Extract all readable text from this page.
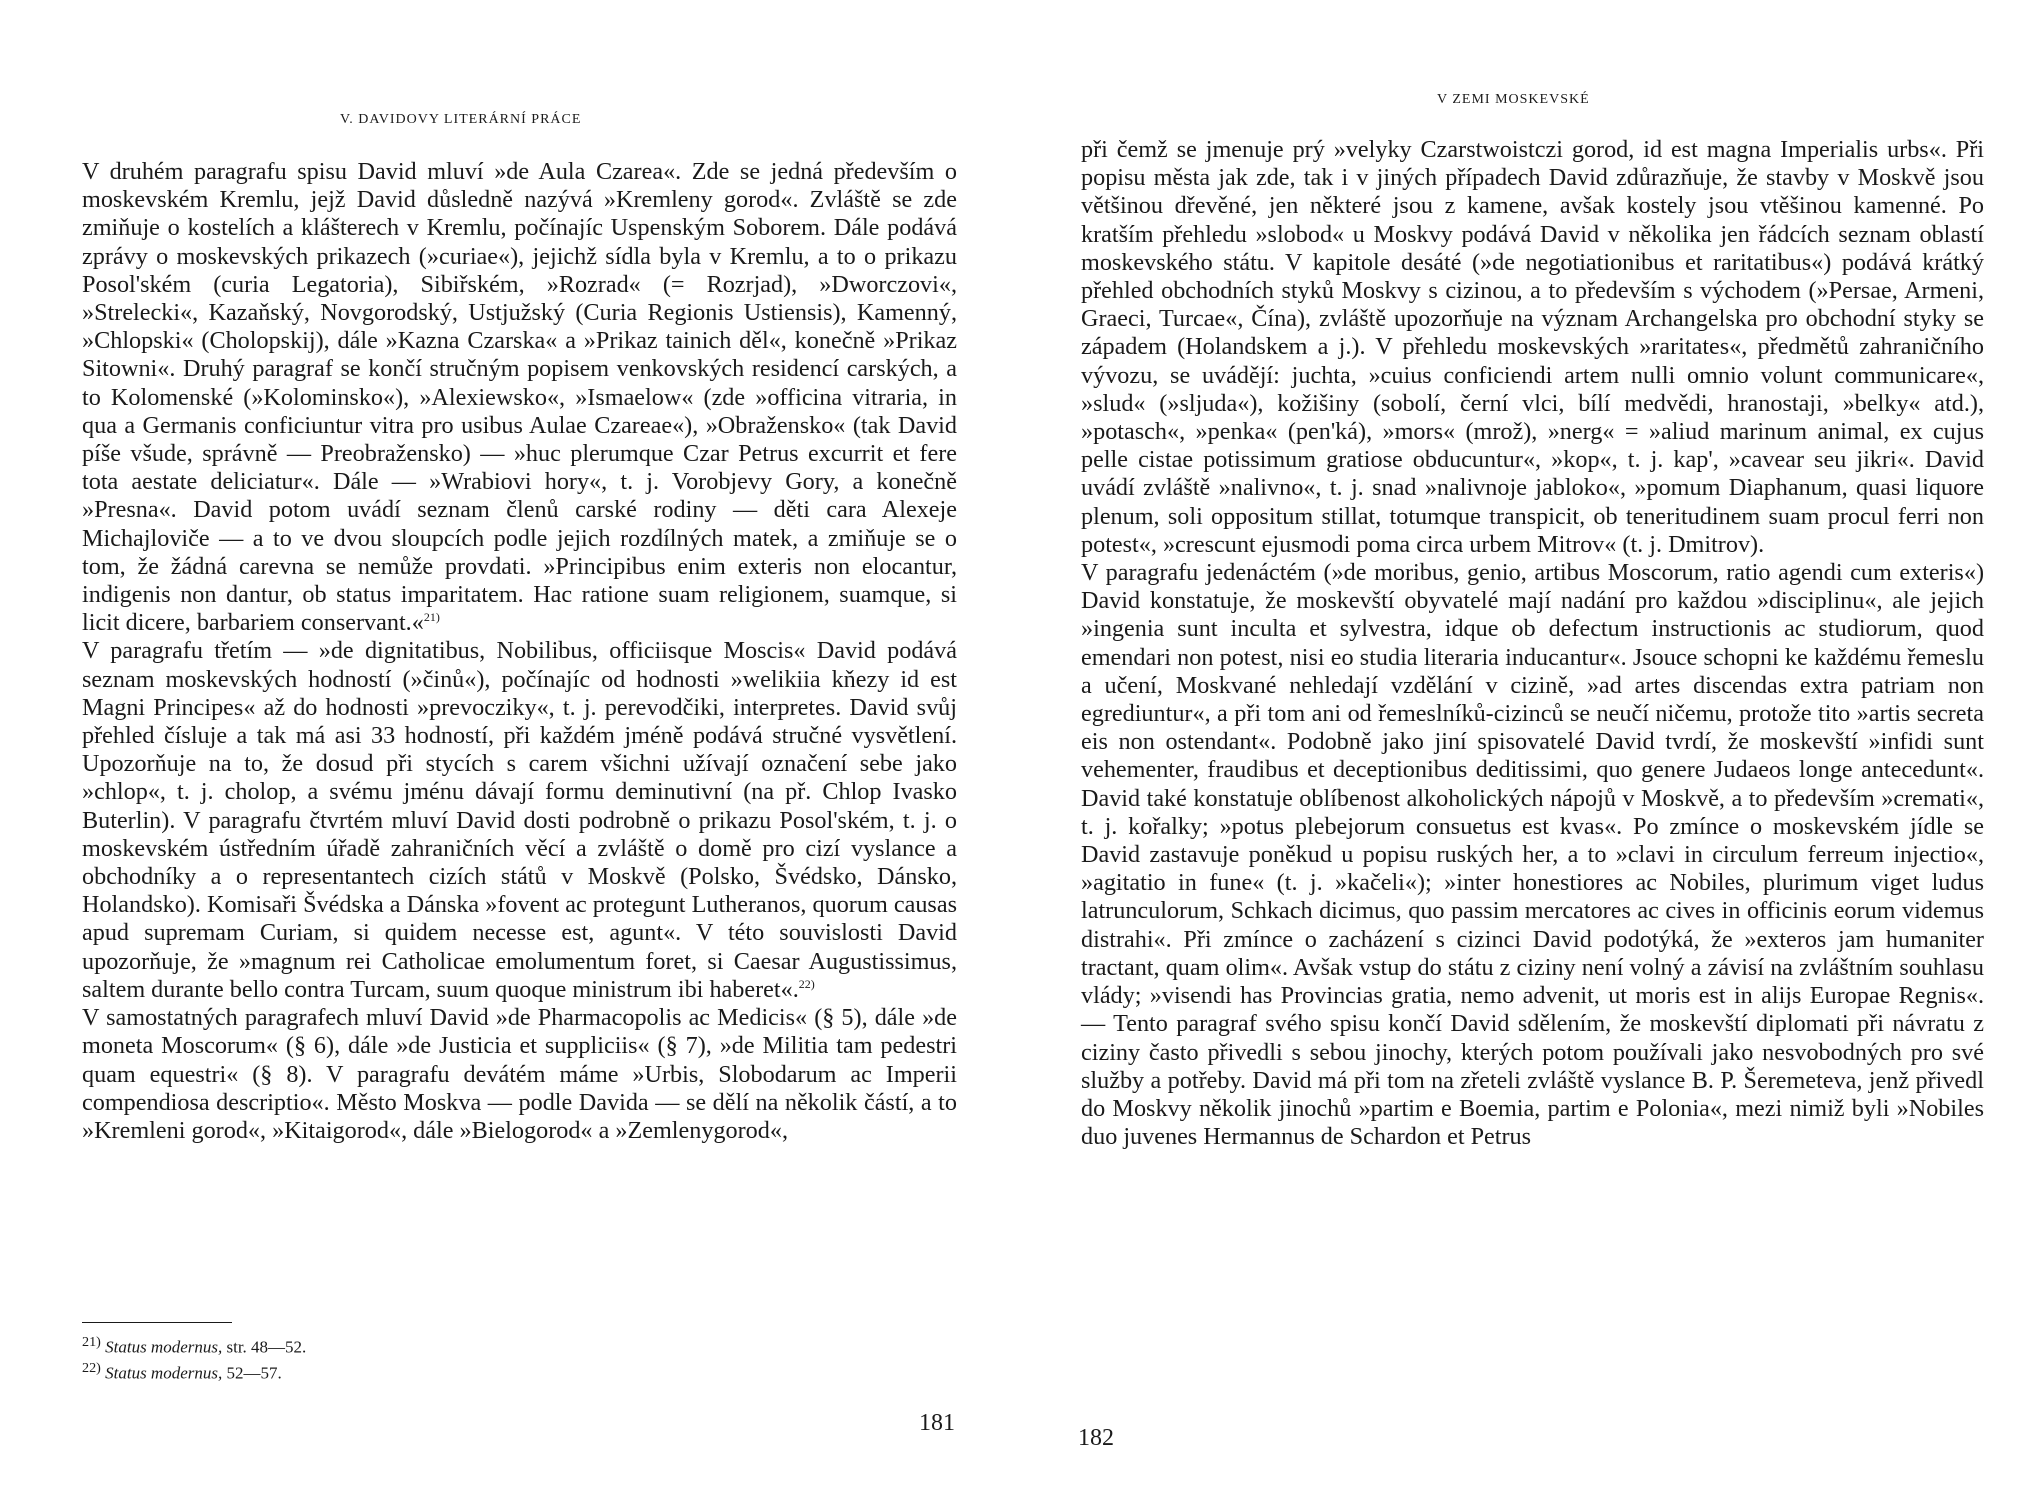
V. DAVIDOVY LITERÁRNÍ PRÁCE

V druhém paragrafu spisu David mluví »de Aula Czarea«. Zde se jedná především o moskevském Kremlu, jejž David důsledně nazývá »Kremleny gorod«. Zvláště se zde zmiňuje o kostelích a klášterech v Kremlu, počínajíc Uspenským Soborem. Dále podává zprávy o moskevských prikazech (»curiae«), jejichž sídla byla v Kremlu, a to o prikazu Posol'ském (curia Legatoria), Sibiřském, »Rozrad« (= Rozrjad), »Dworczovi«, »Strelecki«, Kazaňský, Novgorodský, Ustjužský (Curia Regionis Ustiensis), Kamenný, »Chlopski« (Cholopskij), dále »Kazna Czarska« a »Prikaz tainich děl«, konečně »Prikaz Sitowni«. Druhý paragraf se končí stručným popisem venkovských residencí carských, a to Kolomenské (»Kolominsko«), »Alexiewsko«, »Ismaelow« (zde »officina vitraria, in qua a Germanis conficiuntur vitra pro usibus Aulae Czareae«), »Obraženskо« (tak David píše všude, správně — Preobraženskо) — »huc plerumque Czar Petrus excurrit et fere tota aestate deliciatur«. Dále — »Wrabiovi hory«, t. j. Vorobjevy Gory, a konečně »Presna«. David potom uvádí seznam členů carské rodiny — děti cara Alexeje Michajloviče — a to ve dvou sloupcích podle jejich rozdílných matek, a zmiňuje se o tom, že žádná carevna se nemůže provdati. »Principibus enim exteris non elocantur, indigenis non dantur, ob status imparitatem. Hac ratione suam religionem, suamque, si licit dicere, barbariem conservant.«$^{21)}$

V paragrafu třetím — »de dignitatibus, Nobilibus, officiisque Moscis« David podává seznam moskevských hodností (»činů«), počínajíc od hodnosti »welikiia kňezy id est Magni Principes« až do hodnosti »prevocziky«, t. j. perevodčiki, interpretes. David svůj přehled čísluje a tak má asi 33 hodností, při každém jméně podává stručné vysvětlení. Upozorňuje na to, že dosud při stycích s carem všichni užívají označení sebe jako »chlop«, t. j. cholop, a svému jménu dávají formu deminutivní (na př. Chlop Ivasko Buterlin). V paragrafu čtvrtém mluví David dosti podrobně o prikazu Posol'ském, t. j. o moskevském ústředním úřadě zahraničních věcí a zvláště o domě pro cizí vyslance a obchodníky a o representantech cizích států v Moskvě (Polsko, Švédsko, Dánsko, Holandsko). Komisaři Švédska a Dánska »fovent ac protegunt Lutheranos, quorum causas apud supremam Curiam, si quidem necesse est, agunt«. V této souvislosti David upozorňuje, že »magnum rei Catholicae emolumentum foret, si Caesar Augustissimus, saltem durante bello contra Turcam, suum quoque ministrum ibi haberet«.$^{22)}$

V samostatných paragrafech mluví David »de Pharmacopolis ac Medicis« (§ 5), dále »de moneta Moscorum« (§ 6), dále »de Justicia et suppliciis« (§ 7), »de Militia tam pedestri quam equestri« (§ 8). V paragrafu devátém máme »Urbis, Slobodarum ac Imperii compendiosa descriptio«. Město Moskva — podle Davida — se dělí na několik částí, a to »Kremleni gorod«, »Kitaigorod«, dále »Bielogorod« a »Zemlenygorod«,

$^{21)}$ Status modernus, str. 48—52.
$^{22)}$ Status modernus, 52—57.
181
V ZEMI MOSKEVSKÉ

při čemž se jmenuje prý »velyky Czarstwoistczi gorod, id est magna Imperialis urbs«. Při popisu města jak zde, tak i v jiných případech David zdůrazňuje, že stavby v Moskvě jsou většinou dřevěné, jen některé jsou z kamene, avšak kostely jsou vtěšinou kamenné. Po kratším přehledu »slobod« u Moskvy podává David v několika jen řádcích seznam oblastí moskevského státu. V kapitole desáté (»de negotiationibus et raritatibus«) podává krátký přehled obchodních styků Moskvy s cizinou, a to především s východem (»Persae, Armeni, Graeci, Turcae«, Čína), zvláště upozorňuje na význam Archangelska pro obchodní styky se západem (Holandskem a j.). V přehledu moskevských »raritates«, předmětů zahraničního vývozu, se uvádějí: juchta, »cuius conficiendi artem nulli omnio volunt communicare«, »slud« (»sljuda«), kožišiny (sobolí, černí vlci, bílí medvědi, hranostaji, »belky« atd.), »potasch«, »penka« (pen'ká), »mors« (mrož), »nerg« = »aliud marinum animal, ex cujus pelle cistae potissimum gratiose obducuntur«, »kop«, t. j. kap', »cavear seu jikri«. David uvádí zvláště »nalivno«, t. j. snad »nalivnoje jabloko«, »pomum Diaphanum, quasi liquore plenum, soli oppositum stillat, totumque transpicit, ob teneritudinem suam procul ferri non potest«, »crescunt ejusmodi poma circa urbem Mitrov« (t. j. Dmitrov).

V paragrafu jedenáctém (»de moribus, genio, artibus Moscorum, ratio agendi cum exteris«) David konstatuje, že moskevští obyvatelé mají nadání pro každou »disciplinu«, ale jejich »ingenia sunt inculta et sylvestra, idque ob defectum instructionis ac studiorum, quod emendari non potest, nisi eo studia literaria inducantur«. Jsouce schopni ke každému řemeslu a učení, Moskvané nehledají vzdělání v cizině, »ad artes discendas extra patriam non egrediuntur«, a při tom ani od řemeslníků-cizinců se neučí ničemu, protože tito »artis secreta eis non ostendant«. Podobně jako jiní spisovatelé David tvrdí, že moskevští »infidi sunt vehementer, fraudibus et deceptionibus deditissimi, quo genere Judaeos longe antecedunt«. David také konstatuje oblíbenost alkoholických nápojů v Moskvě, a to především »cremati«, t. j. kořalky; »potus plebejorum consuetus est kvas«. Po zmínce o moskevském jídle se David zastavuje poněkud u popisu ruských her, a to »clavi in circulum ferreum injectio«, »agitatio in fune« (t. j. »kačeli«); »inter honestiores ac Nobiles, plurimum viget ludus latrunculorum, Schkach dicimus, quo passim mercatores ac cives in officinis eorum videmus distrahi«. Při zmínce o zacházení s cizinci David podotýká, že »exteros jam humaniter tractant, quam olim«. Avšak vstup do státu z ciziny není volný a závisí na zvláštním souhlasu vlády; »visendi has Provincias gratia, nemo advenit, ut moris est in alijs Europae Regnis«. — Tento paragraf svého spisu končí David sdělením, že moskevští diplomati při návratu z ciziny často přivedli s sebou jinochy, kterých potom používali jako nesvobodných pro své služby a potřeby. David má při tom na zřeteli zvláště vyslance B. P. Šeremeteva, jenž přivedl do Moskvy několik jinochů »partim e Boemia, partim e Polonia«, mezi nimiž byli »Nobiles duo juvenes Hermannus de Schardon et Petrus

182
